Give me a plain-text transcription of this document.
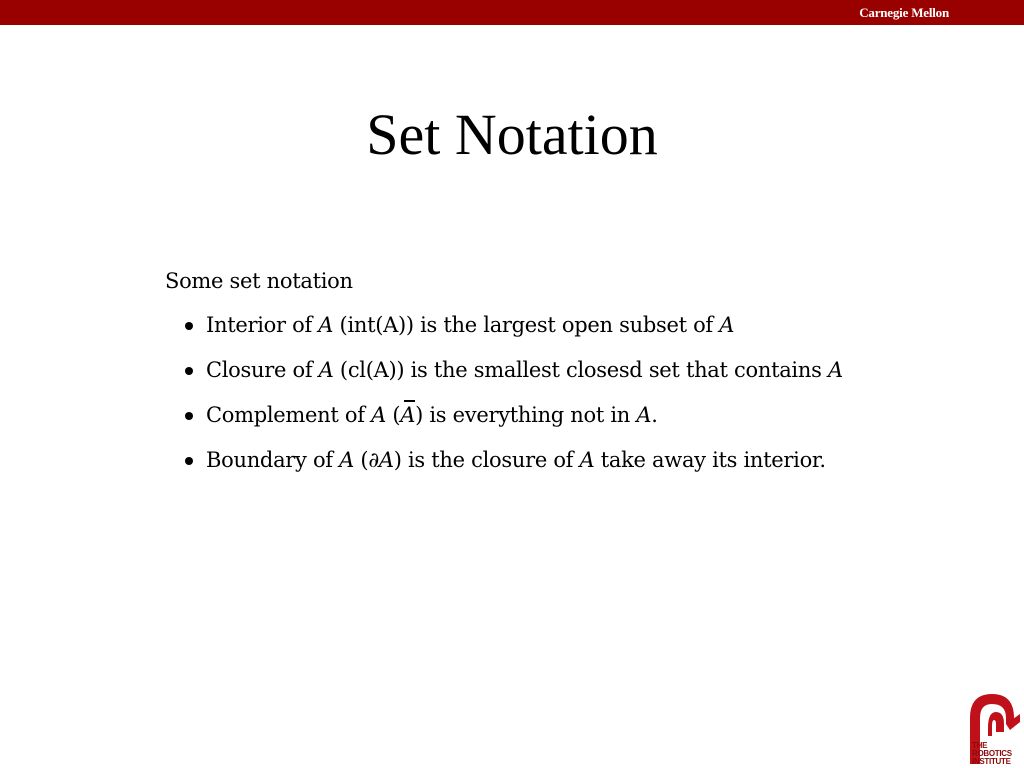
Carnegie Mellon
Set Notation

Some set notation

Interior of A (int(A)) is the largest open subset of A
Closure of A (cl(A)) is the smallest closesd set that contains A
Complement of A (A) is everything not in A.
Boundary of A (∂A) is the closure of A take away its interior.
THE
ROBOTICS
INSTITUTE
